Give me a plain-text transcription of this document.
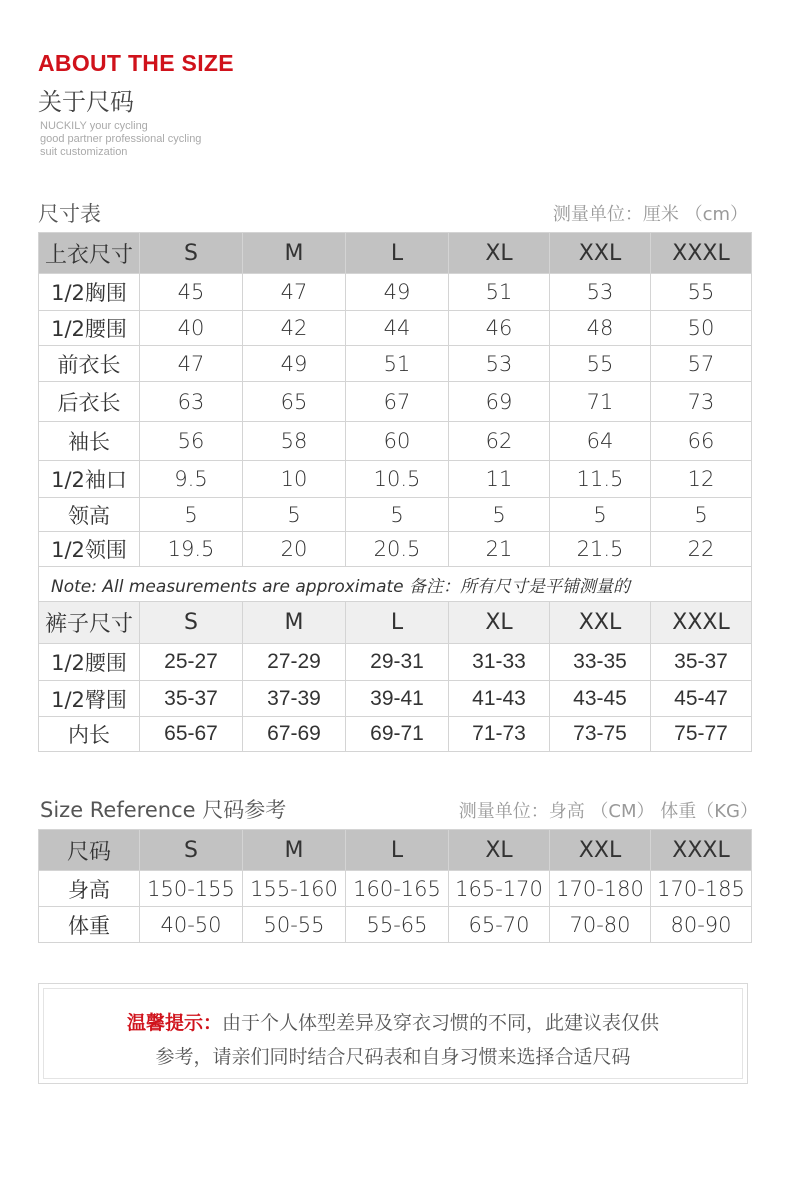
ABOUT THE SIZE
关于尺码
NUCKILY your cycling
good partner professional cycling
suit customization
尺寸表	测量单位：厘米 （cm）
上衣尺寸	S	M	L	XL	XXL	XXXL
1/2胸围	45	47	49	51	53	55
1/2腰围	40	42	44	46	48	50
前衣长	47	49	51	53	55	57
后衣长	63	65	67	69	71	73
袖长	56	58	60	62	64	66
1/2袖口	9.5	10	10.5	11	11.5	12
领高	5	5	5	5	5	5
1/2领围	19.5	20	20.5	21	21.5	22
Note: All measurements are approximate 备注：所有尺寸是平铺测量的						
裤子尺寸	S	M	L	XL	XXL	XXXL
1/2腰围	25-27	27-29	29-31	31-33	33-35	35-37
1/2臀围	35-37	37-39	39-41	41-43	43-45	45-47
内长	65-67	67-69	69-71	71-73	73-75	75-77
Size Reference 尺码参考	测量单位：身高 （CM） 体重（KG）
尺码	S	M	L	XL	XXL	XXXL
身高	150-155	155-160	160-165	165-170	170-180	170-185
体重	40-50	50-55	55-65	65-70	70-80	80-90
温馨提示：由于个人体型差异及穿衣习惯的不同，此建议表仅供
参考，请亲们同时结合尺码表和自身习惯来选择合适尺码
